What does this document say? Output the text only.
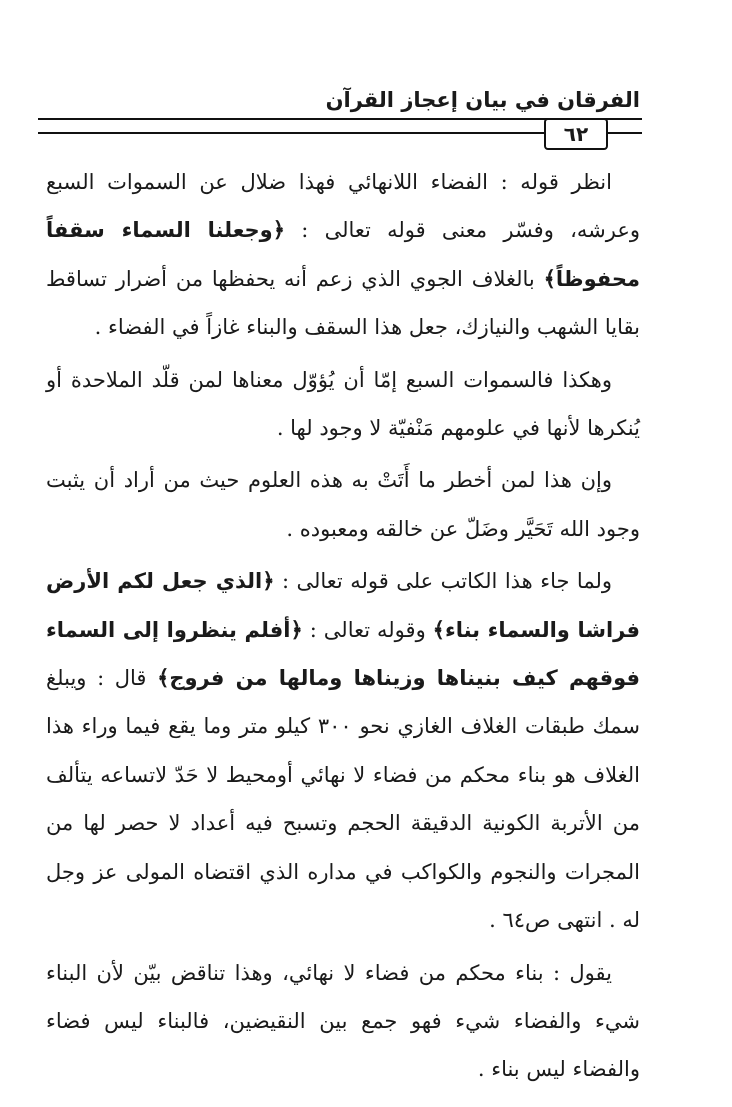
الفرقان في بيان إعجاز القرآن
٦٢

انظر قوله : الفضاء اللانهائي فهذا ضلال عن السموات السبع وعرشه، وفسّر معنى قوله تعالى : ﴿وجعلنا السماء سقفاً محفوظاً﴾ بالغلاف الجوي الذي زعم أنه يحفظها من أضرار تساقط بقايا الشهب والنيازك، جعل هذا السقف والبناء غازاً في الفضاء .

وهكذا فالسموات السبع إمّا أن يُؤوّل معناها لمن قلّد الملاحدة أو يُنكرها لأنها في علومهم مَنْفيّة لا وجود لها .

وإن هذا لمن أخطر ما أَتَتْ به هذه العلوم حيث من أراد أن يثبت وجود الله تَحَيَّر وضَلّ عن خالقه ومعبوده .

ولما جاء هذا الكاتب على قوله تعالى : ﴿الذي جعل لكم الأرض فراشا والسماء بناء﴾ وقوله تعالى : ﴿أفلم ينظروا إلى السماء فوقهم كيف بنيناها وزيناها ومالها من فروج﴾ قال : ويبلغ سمك طبقات الغلاف الغازي نحو ٣٠٠ كيلو متر وما يقع فيما وراء هذا الغلاف هو بناء محكم من فضاء لا نهائي أومحيط لا حَدّ لاتساعه يتألف من الأتربة الكونية الدقيقة الحجم وتسبح فيه أعداد لا حصر لها من المجرات والنجوم والكواكب في مداره الذي اقتضاه المولى عز وجل له . انتهى ص٦٤ .

يقول : بناء محكم من فضاء لا نهائي، وهذا تناقض بيّن لأن البناء شيء والفضاء شيء فهو جمع بين النقيضين، فالبناء ليس فضاء والفضاء ليس بناء .
